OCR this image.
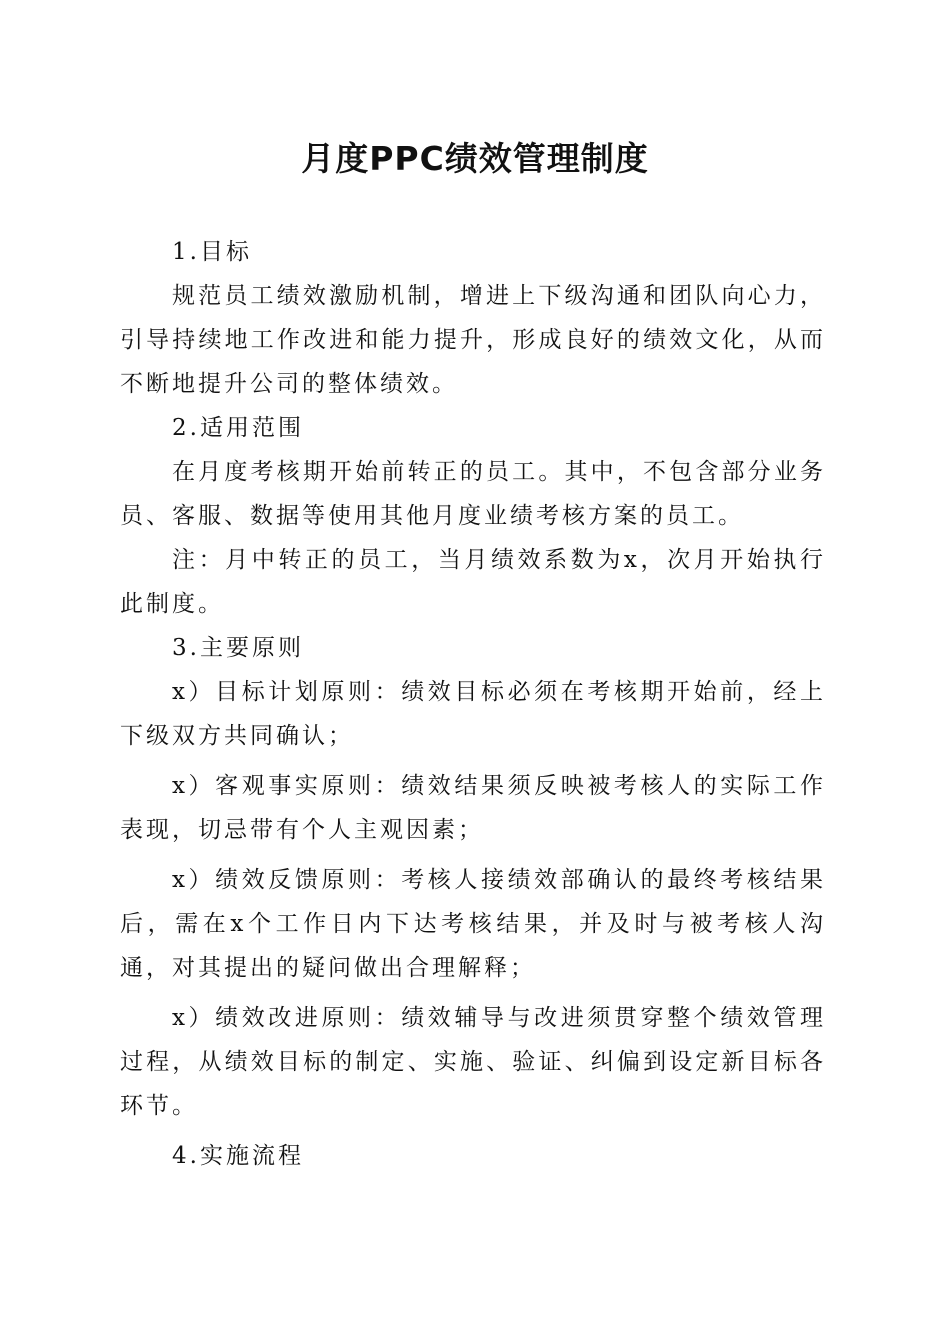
月度PPC绩效管理制度

1.目标

规范员工绩效激励机制，增进上下级沟通和团队向心力，引导持续地工作改进和能力提升，形成良好的绩效文化，从而不断地提升公司的整体绩效。

2.适用范围

在月度考核期开始前转正的员工。其中，不包含部分业务员、客服、数据等使用其他月度业绩考核方案的员工。

注：月中转正的员工，当月绩效系数为x，次月开始执行此制度。

3.主要原则

x）目标计划原则：绩效目标必须在考核期开始前，经上下级双方共同确认；

x）客观事实原则：绩效结果须反映被考核人的实际工作表现，切忌带有个人主观因素；

x）绩效反馈原则：考核人接绩效部确认的最终考核结果后，需在x个工作日内下达考核结果，并及时与被考核人沟通，对其提出的疑问做出合理解释；

x）绩效改进原则：绩效辅导与改进须贯穿整个绩效管理过程，从绩效目标的制定、实施、验证、纠偏到设定新目标各环节。

4.实施流程
